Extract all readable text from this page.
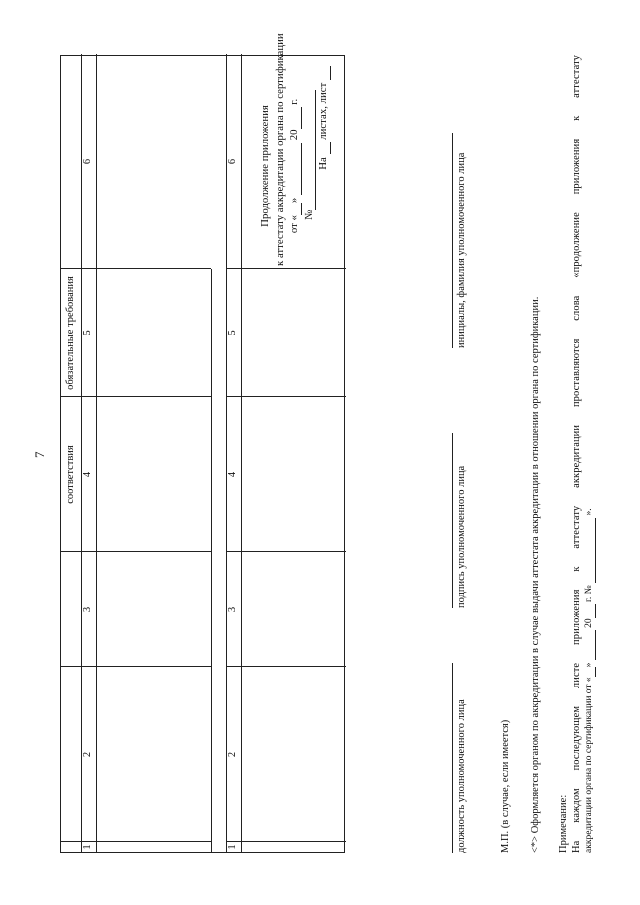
7 соответствия
обязательные требования
1
2
3
4
5
6
1
2
3
4
5
6 Продолжение приложения к аттестату аккредитации органа по сертификации от «»  20 г.
№
На  листах, лист
должность уполномоченного лица
подпись уполномоченного лица
инициалы, фамилия уполномоченного лица
М.П. (в случае, если имеется) <*> Оформляется органом по аккредитации в случае выдачи аттестата аккредитации в отношении органа по сертификации. Примечание: На каждом последующем листе приложения к аттестату аккредитации проставляются слова «продолжение приложения к аттестату аккредитации органа по сертификации от «»  20 г. №  ».
